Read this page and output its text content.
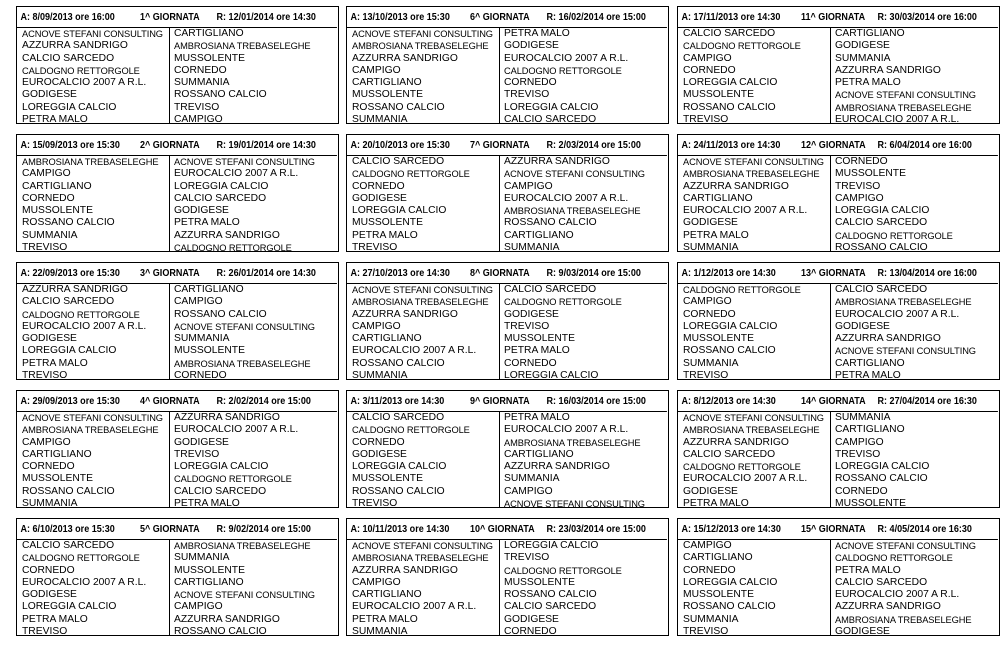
A: 8/09/2013 ore 16:00 1^ GIORNATA R: 12/01/2014 ore 14:30
ACNOVE STEFANI CONSULTING	CARTIGLIANO
AZZURRA SANDRIGO	AMBROSIANA TREBASELEGHE
CALCIO SARCEDO	MUSSOLENTE
CALDOGNO RETTORGOLE	CORNEDO
EUROCALCIO 2007 A R.L.	SUMMANIA
GODIGESE	ROSSANO CALCIO
LOREGGIA CALCIO	TREVISO
PETRA MALO	CAMPIGO
A: 15/09/2013 ore 15:30 2^ GIORNATA R: 19/01/2014 ore 14:30
AMBROSIANA TREBASELEGHE	ACNOVE STEFANI CONSULTING
CAMPIGO	EUROCALCIO 2007 A R.L.
CARTIGLIANO	LOREGGIA CALCIO
CORNEDO	CALCIO SARCEDO
MUSSOLENTE	GODIGESE
ROSSANO CALCIO	PETRA MALO
SUMMANIA	AZZURRA SANDRIGO
TREVISO	CALDOGNO RETTORGOLE
A: 22/09/2013 ore 15:30 3^ GIORNATA R: 26/01/2014 ore 14:30
AZZURRA SANDRIGO	CARTIGLIANO
CALCIO SARCEDO	CAMPIGO
CALDOGNO RETTORGOLE	ROSSANO CALCIO
EUROCALCIO 2007 A R.L.	ACNOVE STEFANI CONSULTING
GODIGESE	SUMMANIA
LOREGGIA CALCIO	MUSSOLENTE
PETRA MALO	AMBROSIANA TREBASELEGHE
TREVISO	CORNEDO
A: 29/09/2013 ore 15:30 4^ GIORNATA R: 2/02/2014 ore 15:00
ACNOVE STEFANI CONSULTING	AZZURRA SANDRIGO
AMBROSIANA TREBASELEGHE	EUROCALCIO 2007 A R.L.
CAMPIGO	GODIGESE
CARTIGLIANO	TREVISO
CORNEDO	LOREGGIA CALCIO
MUSSOLENTE	CALDOGNO RETTORGOLE
ROSSANO CALCIO	CALCIO SARCEDO
SUMMANIA	PETRA MALO
A: 6/10/2013 ore 15:30 5^ GIORNATA R: 9/02/2014 ore 15:00
CALCIO SARCEDO	AMBROSIANA TREBASELEGHE
CALDOGNO RETTORGOLE	SUMMANIA
CORNEDO	MUSSOLENTE
EUROCALCIO 2007 A R.L.	CARTIGLIANO
GODIGESE	ACNOVE STEFANI CONSULTING
LOREGGIA CALCIO	CAMPIGO
PETRA MALO	AZZURRA SANDRIGO
TREVISO	ROSSANO CALCIO
A: 13/10/2013 ore 15:30 6^ GIORNATA R: 16/02/2014 ore 15:00
ACNOVE STEFANI CONSULTING	PETRA MALO
AMBROSIANA TREBASELEGHE	GODIGESE
AZZURRA SANDRIGO	EUROCALCIO 2007 A R.L.
CAMPIGO	CALDOGNO RETTORGOLE
CARTIGLIANO	CORNEDO
MUSSOLENTE	TREVISO
ROSSANO CALCIO	LOREGGIA CALCIO
SUMMANIA	CALCIO SARCEDO
A: 20/10/2013 ore 15:30 7^ GIORNATA R: 2/03/2014 ore 15:00
CALCIO SARCEDO	AZZURRA SANDRIGO
CALDOGNO RETTORGOLE	ACNOVE STEFANI CONSULTING
CORNEDO	CAMPIGO
GODIGESE	EUROCALCIO 2007 A R.L.
LOREGGIA CALCIO	AMBROSIANA TREBASELEGHE
MUSSOLENTE	ROSSANO CALCIO
PETRA MALO	CARTIGLIANO
TREVISO	SUMMANIA
A: 27/10/2013 ore 14:30 8^ GIORNATA R: 9/03/2014 ore 15:00
ACNOVE STEFANI CONSULTING	CALCIO SARCEDO
AMBROSIANA TREBASELEGHE	CALDOGNO RETTORGOLE
AZZURRA SANDRIGO	GODIGESE
CAMPIGO	TREVISO
CARTIGLIANO	MUSSOLENTE
EUROCALCIO 2007 A R.L.	PETRA MALO
ROSSANO CALCIO	CORNEDO
SUMMANIA	LOREGGIA CALCIO
A: 3/11/2013 ore 14:30 9^ GIORNATA R: 16/03/2014 ore 15:00
CALCIO SARCEDO	PETRA MALO
CALDOGNO RETTORGOLE	EUROCALCIO 2007 A R.L.
CORNEDO	AMBROSIANA TREBASELEGHE
GODIGESE	CARTIGLIANO
LOREGGIA CALCIO	AZZURRA SANDRIGO
MUSSOLENTE	SUMMANIA
ROSSANO CALCIO	CAMPIGO
TREVISO	ACNOVE STEFANI CONSULTING
A: 10/11/2013 ore 14:30 10^ GIORNATA R: 23/03/2014 ore 15:00
ACNOVE STEFANI CONSULTING	LOREGGIA CALCIO
AMBROSIANA TREBASELEGHE	TREVISO
AZZURRA SANDRIGO	CALDOGNO RETTORGOLE
CAMPIGO	MUSSOLENTE
CARTIGLIANO	ROSSANO CALCIO
EUROCALCIO 2007 A R.L.	CALCIO SARCEDO
PETRA MALO	GODIGESE
SUMMANIA	CORNEDO
A: 17/11/2013 ore 14:30 11^ GIORNATA R: 30/03/2014 ore 16:00
CALCIO SARCEDO	CARTIGLIANO
CALDOGNO RETTORGOLE	GODIGESE
CAMPIGO	SUMMANIA
CORNEDO	AZZURRA SANDRIGO
LOREGGIA CALCIO	PETRA MALO
MUSSOLENTE	ACNOVE STEFANI CONSULTING
ROSSANO CALCIO	AMBROSIANA TREBASELEGHE
TREVISO	EUROCALCIO 2007 A R.L.
A: 24/11/2013 ore 14:30 12^ GIORNATA R: 6/04/2014 ore 16:00
ACNOVE STEFANI CONSULTING	CORNEDO
AMBROSIANA TREBASELEGHE	MUSSOLENTE
AZZURRA SANDRIGO	TREVISO
CARTIGLIANO	CAMPIGO
EUROCALCIO 2007 A R.L.	LOREGGIA CALCIO
GODIGESE	CALCIO SARCEDO
PETRA MALO	CALDOGNO RETTORGOLE
SUMMANIA	ROSSANO CALCIO
A: 1/12/2013 ore 14:30 13^ GIORNATA R: 13/04/2014 ore 16:00
CALDOGNO RETTORGOLE	CALCIO SARCEDO
CAMPIGO	AMBROSIANA TREBASELEGHE
CORNEDO	EUROCALCIO 2007 A R.L.
LOREGGIA CALCIO	GODIGESE
MUSSOLENTE	AZZURRA SANDRIGO
ROSSANO CALCIO	ACNOVE STEFANI CONSULTING
SUMMANIA	CARTIGLIANO
TREVISO	PETRA MALO
A: 8/12/2013 ore 14:30 14^ GIORNATA R: 27/04/2014 ore 16:30
ACNOVE STEFANI CONSULTING	SUMMANIA
AMBROSIANA TREBASELEGHE	CARTIGLIANO
AZZURRA SANDRIGO	CAMPIGO
CALCIO SARCEDO	TREVISO
CALDOGNO RETTORGOLE	LOREGGIA CALCIO
EUROCALCIO 2007 A R.L.	ROSSANO CALCIO
GODIGESE	CORNEDO
PETRA MALO	MUSSOLENTE
A: 15/12/2013 ore 14:30 15^ GIORNATA R: 4/05/2014 ore 16:30
CAMPIGO	ACNOVE STEFANI CONSULTING
CARTIGLIANO	CALDOGNO RETTORGOLE
CORNEDO	PETRA MALO
LOREGGIA CALCIO	CALCIO SARCEDO
MUSSOLENTE	EUROCALCIO 2007 A R.L.
ROSSANO CALCIO	AZZURRA SANDRIGO
SUMMANIA	AMBROSIANA TREBASELEGHE
TREVISO	GODIGESE
